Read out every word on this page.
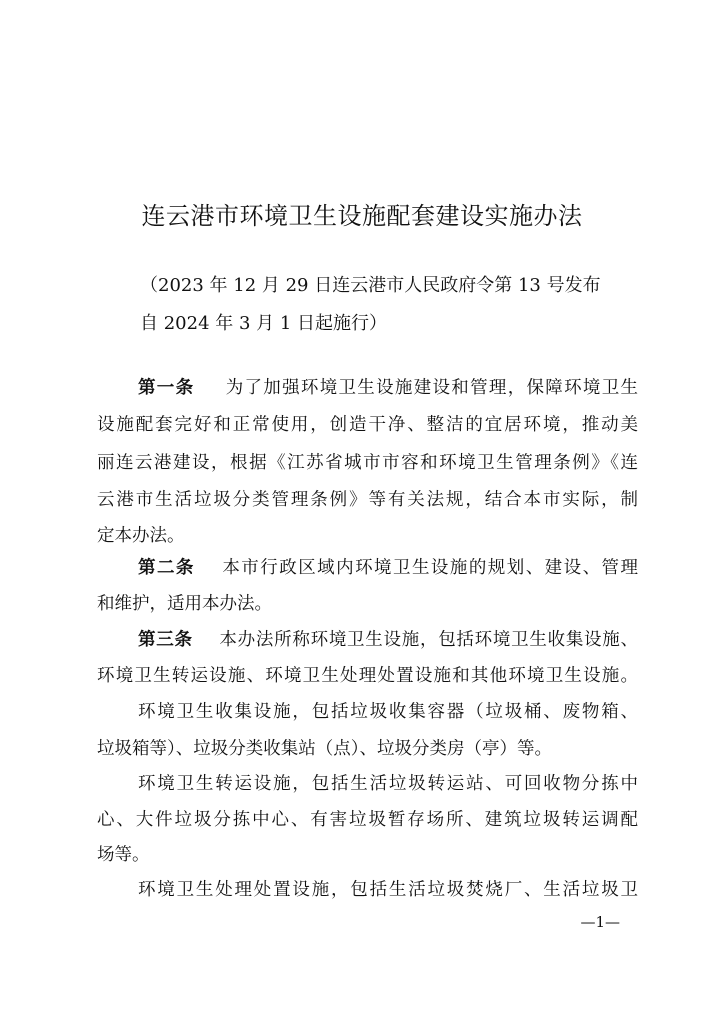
连云港市环境卫生设施配套建设实施办法
（2023 年 12 月 29 日连云港市人民政府令第 13 号发布
自 2024 年 3 月 1 日起施行）
第一条 为了加强环境卫生设施建设和管理，保障环境卫生
设施配套完好和正常使用，创造干净、整洁的宜居环境，推动美
丽连云港建设，根据《江苏省城市市容和环境卫生管理条例》《连
云港市生活垃圾分类管理条例》等有关法规，结合本市实际，制
定本办法。
第二条 本市行政区域内环境卫生设施的规划、建设、管理
和维护，适用本办法。
第三条 本办法所称环境卫生设施，包括环境卫生收集设施、
环境卫生转运设施、环境卫生处理处置设施和其他环境卫生设施。
环境卫生收集设施，包括垃圾收集容器（垃圾桶、废物箱、
垃圾箱等）、垃圾分类收集站（点）、垃圾分类房（亭）等。
环境卫生转运设施，包括生活垃圾转运站、可回收物分拣中
心、大件垃圾分拣中心、有害垃圾暂存场所、建筑垃圾转运调配
场等。
环境卫生处理处置设施，包括生活垃圾焚烧厂、生活垃圾卫
—1—
